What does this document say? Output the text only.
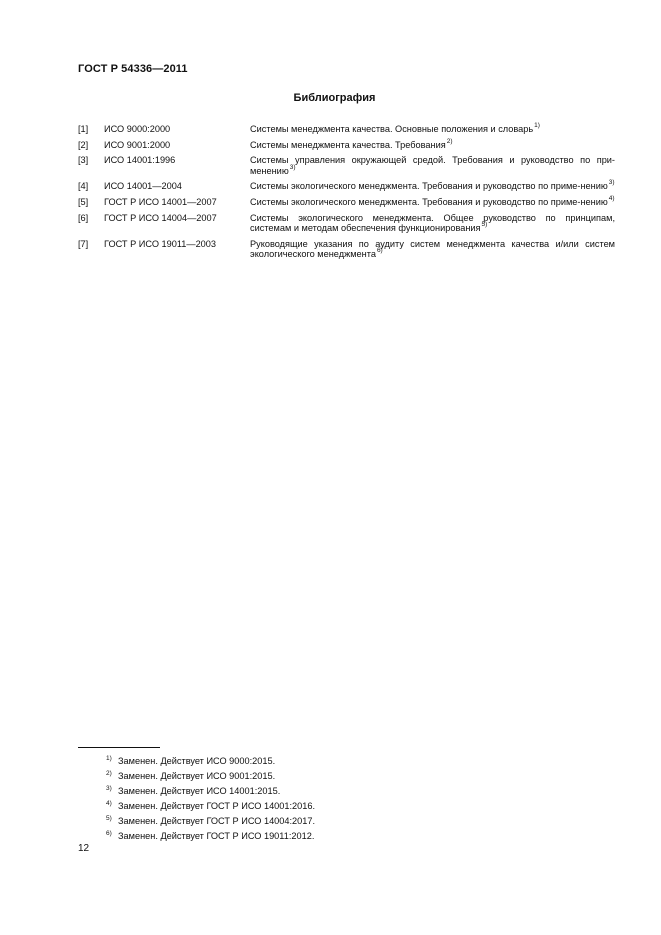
ГОСТ Р 54336—2011
Библиография
[1]	ИСО 9000:2000	Системы менеджмента качества. Основные положения и словарь$^{1)}$
[2]	ИСО 9001:2000	Системы менеджмента качества. Требования$^{2)}$
[3]	ИСО 14001:1996	Системы управления окружающей средой. Требования и руководство по при-менению$^{3)}$
[4]	ИСО 14001—2004	Системы экологического менеджмента. Требования и руководство по приме-нению$^{3)}$
[5]	ГОСТ Р ИСО 14001—2007	Системы экологического менеджмента. Требования и руководство по приме-нению$^{4)}$
[6]	ГОСТ Р ИСО 14004—2007	Системы экологического менеджмента. Общее руководство по принципам, системам и методам обеспечения функционирования$^{5)}$
[7]	ГОСТ Р ИСО 19011—2003	Руководящие указания по аудиту систем менеджмента качества и/или систем экологического менеджмента$^{6)}$
1) Заменен. Действует ИСО 9000:2015.
2) Заменен. Действует ИСО 9001:2015.
3) Заменен. Действует ИСО 14001:2015.
4) Заменен. Действует ГОСТ Р ИСО 14001:2016.
5) Заменен. Действует ГОСТ Р ИСО 14004:2017.
6) Заменен. Действует ГОСТ Р ИСО 19011:2012.
12
